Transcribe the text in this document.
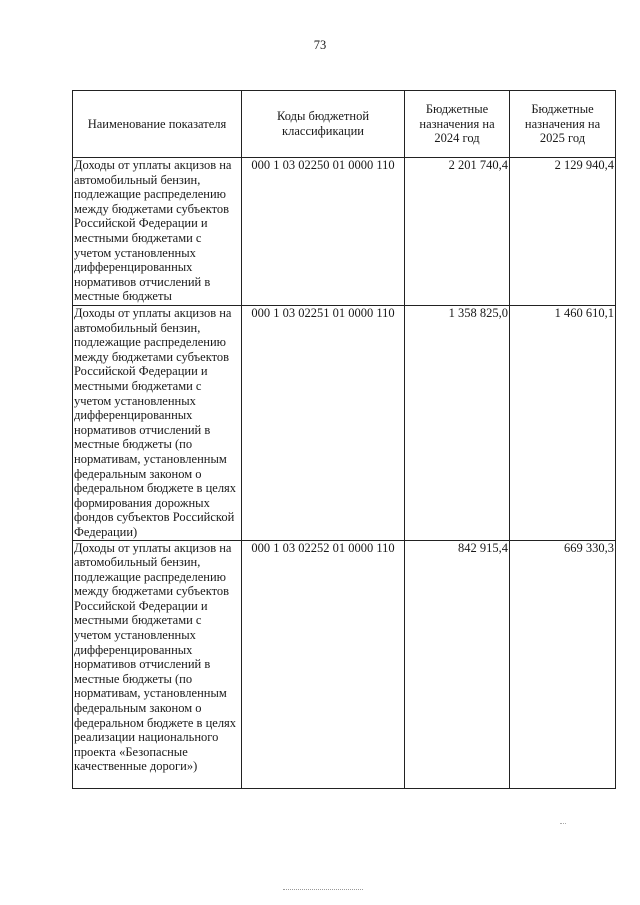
73
Наименование показателя	Коды бюджетной классификации	Бюджетные назначения на 2024 год	Бюджетные назначения на 2025 год
Доходы от уплаты акцизов на автомобильный бензин, подлежащие распределению между бюджетами субъектов Российской Федерации и местными бюджетами с учетом установленных дифференцированных нормативов отчислений в местные бюджеты	000 1 03 02250 01 0000 110	2 201 740,4	2 129 940,4
Доходы от уплаты акцизов на автомобильный бензин, подлежащие распределению между бюджетами субъектов Российской Федерации и местными бюджетами с учетом установленных дифференцированных нормативов отчислений в местные бюджеты (по нормативам, установленным федеральным законом о федеральном бюджете в целях формирования дорожных фондов субъектов Российской Федерации)	000 1 03 02251 01 0000 110	1 358 825,0	1 460 610,1
Доходы от уплаты акцизов на автомобильный бензин, подлежащие распределению между бюджетами субъектов Российской Федерации и местными бюджетами с учетом установленных дифференцированных нормативов отчислений в местные бюджеты (по нормативам, установленным федеральным законом о федеральном бюджете в целях реализации национального проекта «Безопасные качественные дороги»)	000 1 03 02252 01 0000 110	842 915,4	669 330,3
